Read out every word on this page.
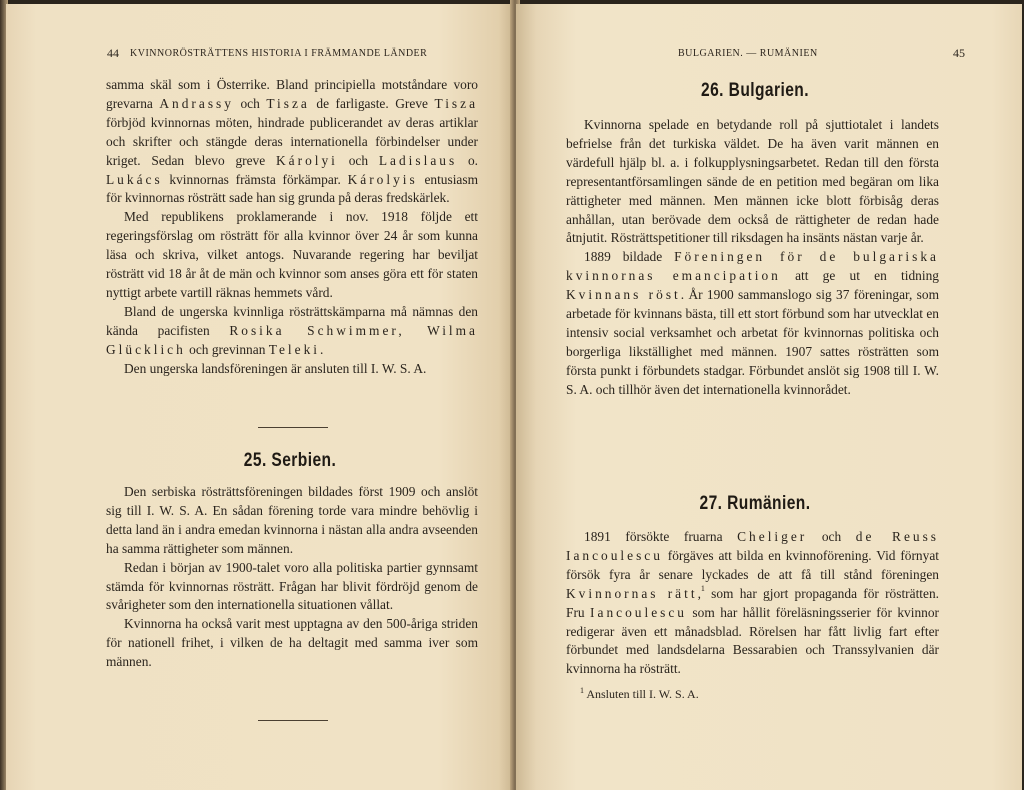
44 KVINNORÖSTRÄTTENS HISTORIA I FRÄMMANDE LÄNDER

samma skäl som i Österrike. Bland principiella motståndare voro grevarna Andrassy och Tisza de farligaste. Greve Tisza förbjöd kvinnornas möten, hindrade publicerandet av deras artiklar och skrifter och stängde deras internationella förbindelser under kriget. Sedan blevo greve Károlyi och Ladislaus o. Lukács kvinnornas främsta förkämpar. Károlyis entusiasm för kvinnornas rösträtt sade han sig grunda på deras fredskärlek.

Med republikens proklamerande i nov. 1918 följde ett regeringsförslag om rösträtt för alla kvinnor över 24 år som kunna läsa och skriva, vilket antogs. Nuvarande regering har beviljat rösträtt vid 18 år åt de män och kvinnor som anses göra ett för staten nyttigt arbete vartill räknas hemmets vård.

Bland de ungerska kvinnliga rösträttskämparna må nämnas den kända pacifisten Rosika Schwimmer, Wilma Glücklich och grevinnan Teleki.

Den ungerska landsföreningen är ansluten till I. W. S. A.

25. Serbien.

Den serbiska rösträttsföreningen bildades först 1909 och anslöt sig till I. W. S. A. En sådan förening torde vara mindre behövlig i detta land än i andra emedan kvinnorna i nästan alla andra avseenden ha samma rättigheter som männen.

Redan i början av 1900-talet voro alla politiska partier gynnsamt stämda för kvinnornas rösträtt. Frågan har blivit fördröjd genom de svårigheter som den internationella situationen vållat.

Kvinnorna ha också varit mest upptagna av den 500-åriga striden för nationell frihet, i vilken de ha deltagit med samma iver som männen.

BULGARIEN. — RUMÄNIEN	45
26. Bulgarien.

Kvinnorna spelade en betydande roll på sjuttiotalet i landets befrielse från det turkiska väldet. De ha även varit männen en värdefull hjälp bl. a. i folkupplysningsarbetet. Redan till den första representantförsamlingen sände de en petition med begäran om lika rättigheter med männen. Men männen icke blott förbisåg deras anhållan, utan berövade dem också de rättigheter de redan hade åtnjutit. Rösträttspetitioner till riksdagen ha insänts nästan varje år.

1889 bildade Föreningen för de bulgariska kvinnornas emancipation att ge ut en tidning Kvinnans röst. År 1900 sammanslogo sig 37 föreningar, som arbetade för kvinnans bästa, till ett stort förbund som har utvecklat en intensiv social verksamhet och arbetat för kvinnornas politiska och borgerliga likställighet med männen. 1907 sattes rösträtten som första punkt i förbundets stadgar. Förbundet anslöt sig 1908 till I. W. S. A. och tillhör även det internationella kvinnorådet.

27. Rumänien.

1891 försökte fruarna Cheliger och de Reuss Iancoulescu förgäves att bilda en kvinnoförening. Vid förnyat försök fyra år senare lyckades de att få till stånd föreningen Kvinnornas rätt,$^1$ som har gjort propaganda för rösträtten. Fru Iancoulescu som har hållit föreläsningsserier för kvinnor redigerar även ett månadsblad. Rörelsen har fått livlig fart efter förbundet med landsdelarna Bessarabien och Transsylvanien där kvinnorna ha rösträtt.

$^1$ Ansluten till I. W. S. A.
